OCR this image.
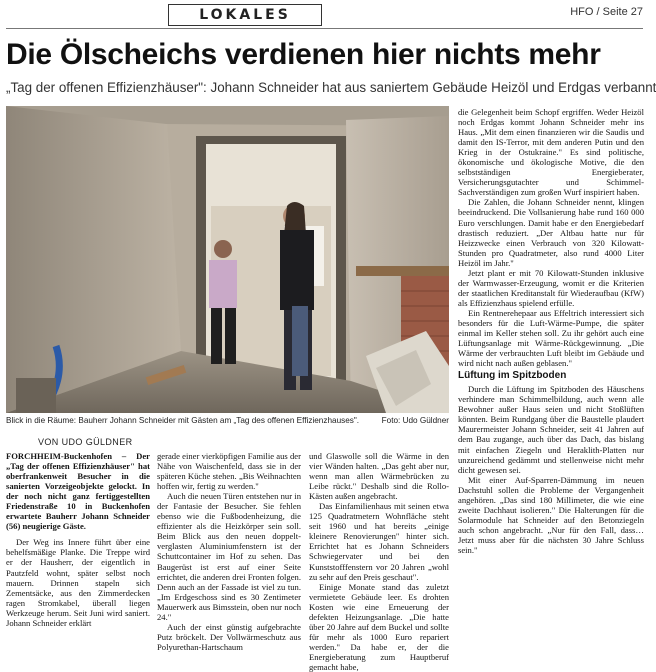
LOKALES	HFO / Seite 27
Die Ölscheichs verdienen hier nichts mehr
„Tag der offenen Effizienzhäuser": Johann Schneider hat aus saniertem Gebäude Heizöl und Erdgas verbannt
Blick in die Räume: Bauherr Johann Schneider mit Gästen am „Tag des offenen Effizienzhauses".	Foto: Udo Güldner
VON UDO GÜLDNER

FORCHHEIM-Buckenhofen – Der „Tag der offenen Effizienzhäuser" hat oberfrankenweit Besucher in die sanierten Vorzeigeobjekte gelockt. In der noch nicht ganz fertiggestellten Friedenstraße 10 in Buckenhofen erwartete Bauherr Johann Schneider (56) neugierige Gäste.

Der Weg ins Innere führt über eine behelfsmäßige Planke. Die Treppe wird er der Hausherr, der eigentlich in Pautzfeld wohnt, später selbst noch mauern. Drinnen stapeln sich Zementsäcke, aus den Zimmerdecken ragen Stromkabel, überall liegen Werkzeuge herum. Seit Juni wird saniert. Johann Schneider erklärt

gerade einer vierköpfigen Familie aus der Nähe von Waischenfeld, dass sie in der späteren Küche stehen. „Bis Weihnachten hoffen wir, fertig zu werden."

Auch die neuen Türen entstehen nur in der Fantasie der Besucher. Sie fehlen ebenso wie die Fußbodenheizung, die effizienter als die Heizkörper sein soll. Beim Blick aus den neuen doppelt-verglasten Aluminiumfenstern ist der Schuttcontainer im Hof zu sehen. Das Baugerüst ist erst auf einer Seite errichtet, die anderen drei Fronten folgen. Denn auch an der Fassade ist viel zu tun. „Im Erdgeschoss sind es 30 Zentimeter Mauerwerk aus Bimsstein, oben nur noch 24."

Auch der einst günstig aufgebrachte Putz bröckelt. Der Vollwärmeschutz aus Polyurethan-Hartschaum

und Glaswolle soll die Wärme in den vier Wänden halten. „Das geht aber nur, wenn man allen Wärmebrücken zu Leibe rückt." Deshalb sind die Rollo-Kästen außen angebracht.

Das Einfamilienhaus mit seinen etwa 125 Quadratmetern Wohnfläche steht seit 1960 und hat bereits „einige kleinere Renovierungen" hinter sich. Errichtet hat es Johann Schneiders Schwiegervater und bei den Kunststofffenstern vor 20 Jahren „wohl zu sehr auf den Preis geschaut".

Einige Monate stand das zuletzt vermietete Gebäude leer. Es drohten Kosten wie eine Erneuerung der defekten Heizungsanlage. „Die hatte über 20 Jahre auf dem Buckel und sollte für mehr als 1000 Euro repariert werden." Da habe er, der die Energieberatung zum Hauptberuf gemacht habe,

die Gelegenheit beim Schopf ergriffen. Weder Heizöl noch Erdgas kommt Johann Schneider mehr ins Haus. „Mit dem einen finanzieren wir die Saudis und damit den IS-Terror, mit dem anderen Putin und den Krieg in der Ostukraine." Es sind politische, ökonomische und ökologische Motive, die den selbstständigen Energieberater, Versicherungsgutachter und Schimmel-Sachverständigen zum großen Wurf inspiriert haben.

Die Zahlen, die Johann Schneider nennt, klingen beeindruckend. Die Vollsanierung habe rund 160 000 Euro verschlungen. Damit habe er den Energiebedarf drastisch reduziert. „Der Altbau hatte nur für Heizzwecke einen Verbrauch von 320 Kilowatt-Stunden pro Quadratmeter, also rund 4000 Liter Heizöl im Jahr."

Jetzt plant er mit 70 Kilowatt-Stunden inklusive der Warmwasser-Erzeugung, womit er die Kriterien der staatlichen Kreditanstalt für Wiederaufbau (KfW) als Effizienzhaus spielend erfülle.

Ein Rentnerehepaar aus Effeltrich interessiert sich besonders für die Luft-Wärme-Pumpe, die später einmal im Keller stehen soll. Zu ihr gehört auch eine Lüftungsanlage mit Wärme-Rückgewinnung. „Die Wärme der verbrauchten Luft bleibt im Gebäude und wird nicht nach außen geblasen."

Lüftung im Spitzboden

Durch die Lüftung im Spitzboden des Häuschens verhindere man Schimmelbildung, auch wenn alle Bewohner außer Haus seien und nicht Stoßlüften könnten. Beim Rundgang über die Baustelle plaudert Maurermeister Johann Schneider, seit 41 Jahren auf dem Bau zugange, auch über das Dach, das bislang mit einfachen Ziegeln und Heraklith-Platten nur unzureichend gedämmt und stellenweise nicht mehr dicht gewesen sei.

Mit einer Auf-Sparren-Dämmung im neuen Dachstuhl sollen die Probleme der Vergangenheit angehören. „Das sind 180 Millimeter, die wie eine zweite Dachhaut isolieren." Die Halterungen für die Solarmodule hat Schneider auf den Betonziegeln auch schon angebracht. „Nur für den Fall, dass… Jetzt muss aber für die nächsten 30 Jahre Schluss sein."
